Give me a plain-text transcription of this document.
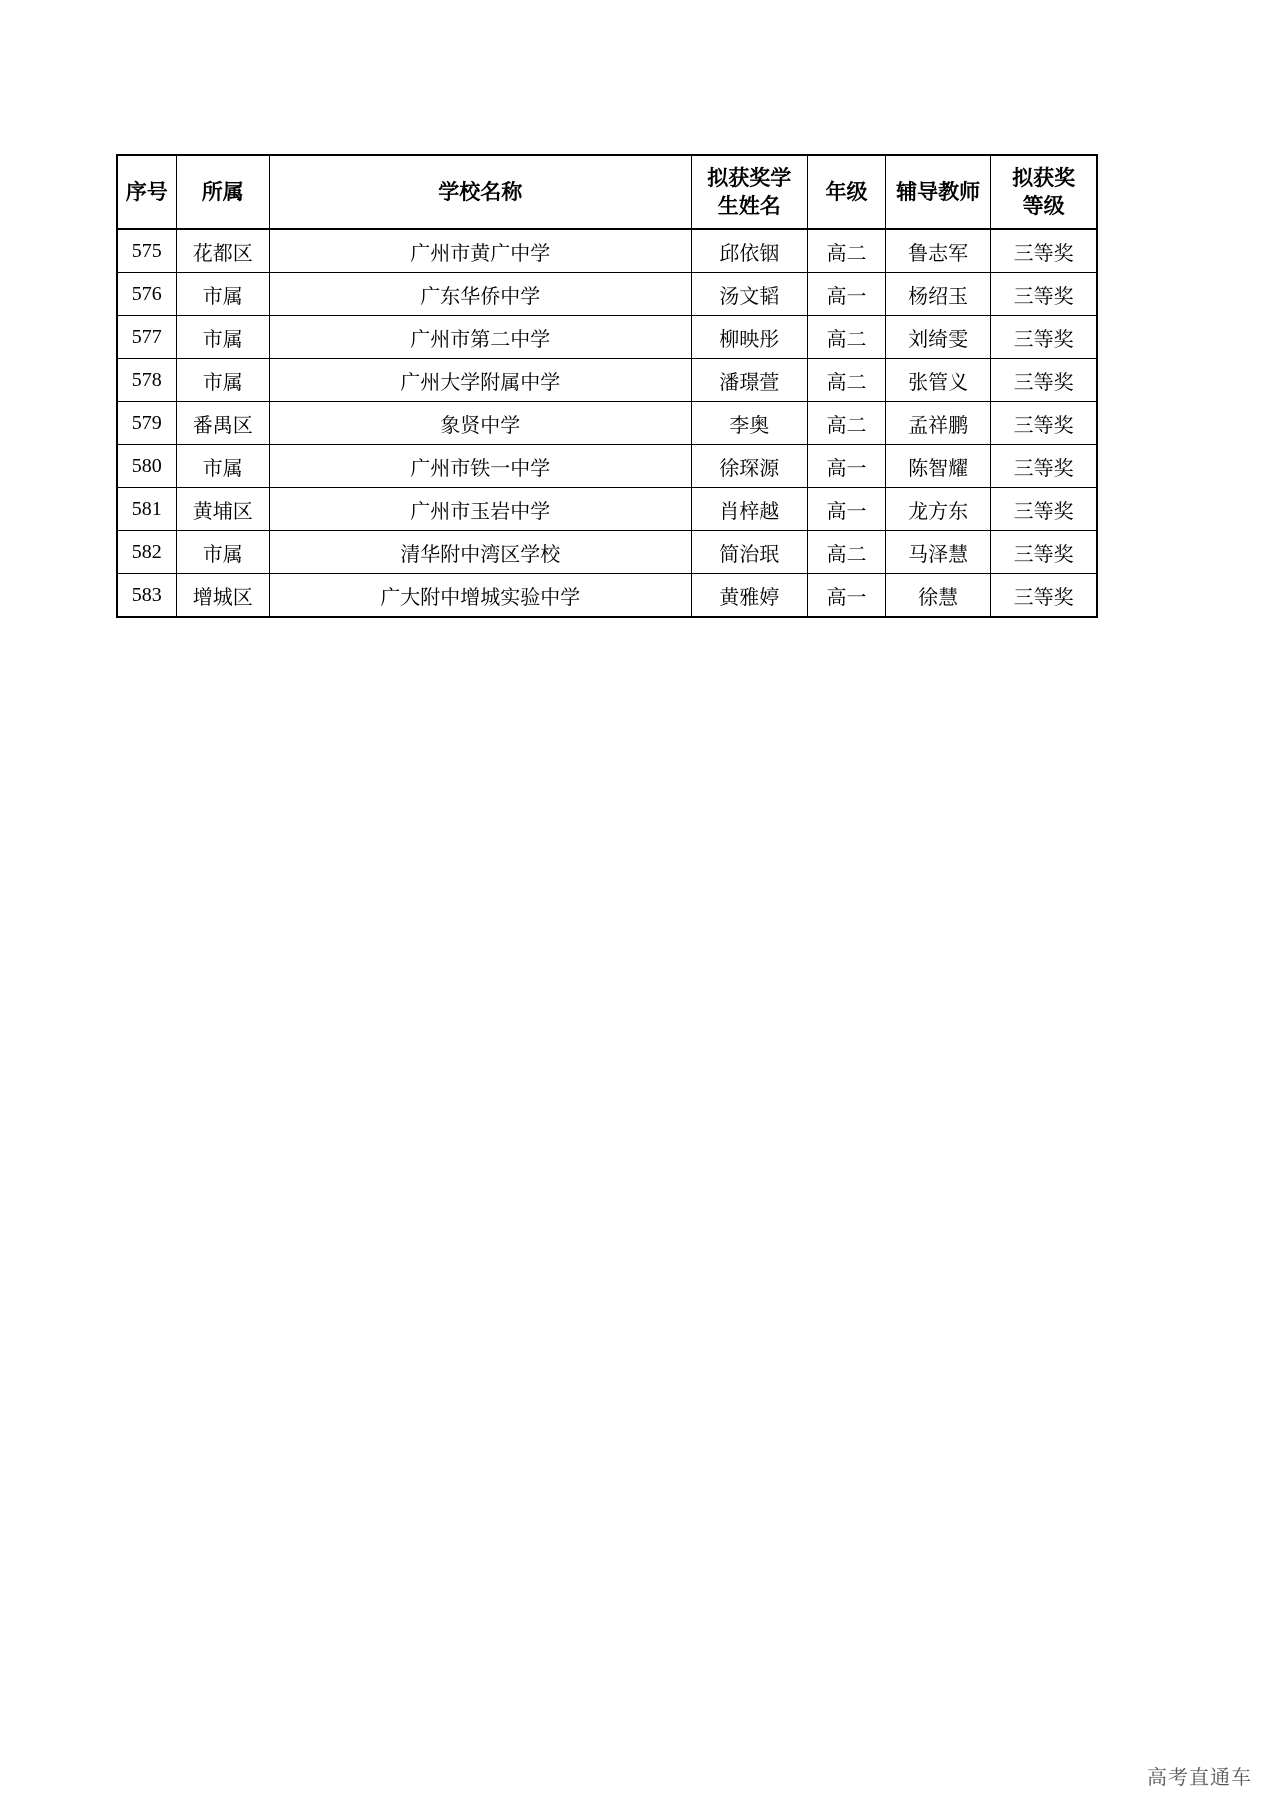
序号	所属	学校名称	拟获奖学生姓名	年级	辅导教师	拟获奖等级
575	花都区	广州市黄广中学	邱依铟	高二	鲁志军	三等奖
576	市属	广东华侨中学	汤文韬	高一	杨绍玉	三等奖
577	市属	广州市第二中学	柳映彤	高二	刘绮雯	三等奖
578	市属	广州大学附属中学	潘璟萱	高二	张管义	三等奖
579	番禺区	象贤中学	李奥	高二	孟祥鹏	三等奖
580	市属	广州市铁一中学	徐琛源	高一	陈智耀	三等奖
581	黄埔区	广州市玉岩中学	肖梓越	高一	龙方东	三等奖
582	市属	清华附中湾区学校	简治珉	高二	马泽慧	三等奖
583	增城区	广大附中增城实验中学	黄雅婷	高一	徐慧	三等奖
高考直通车
